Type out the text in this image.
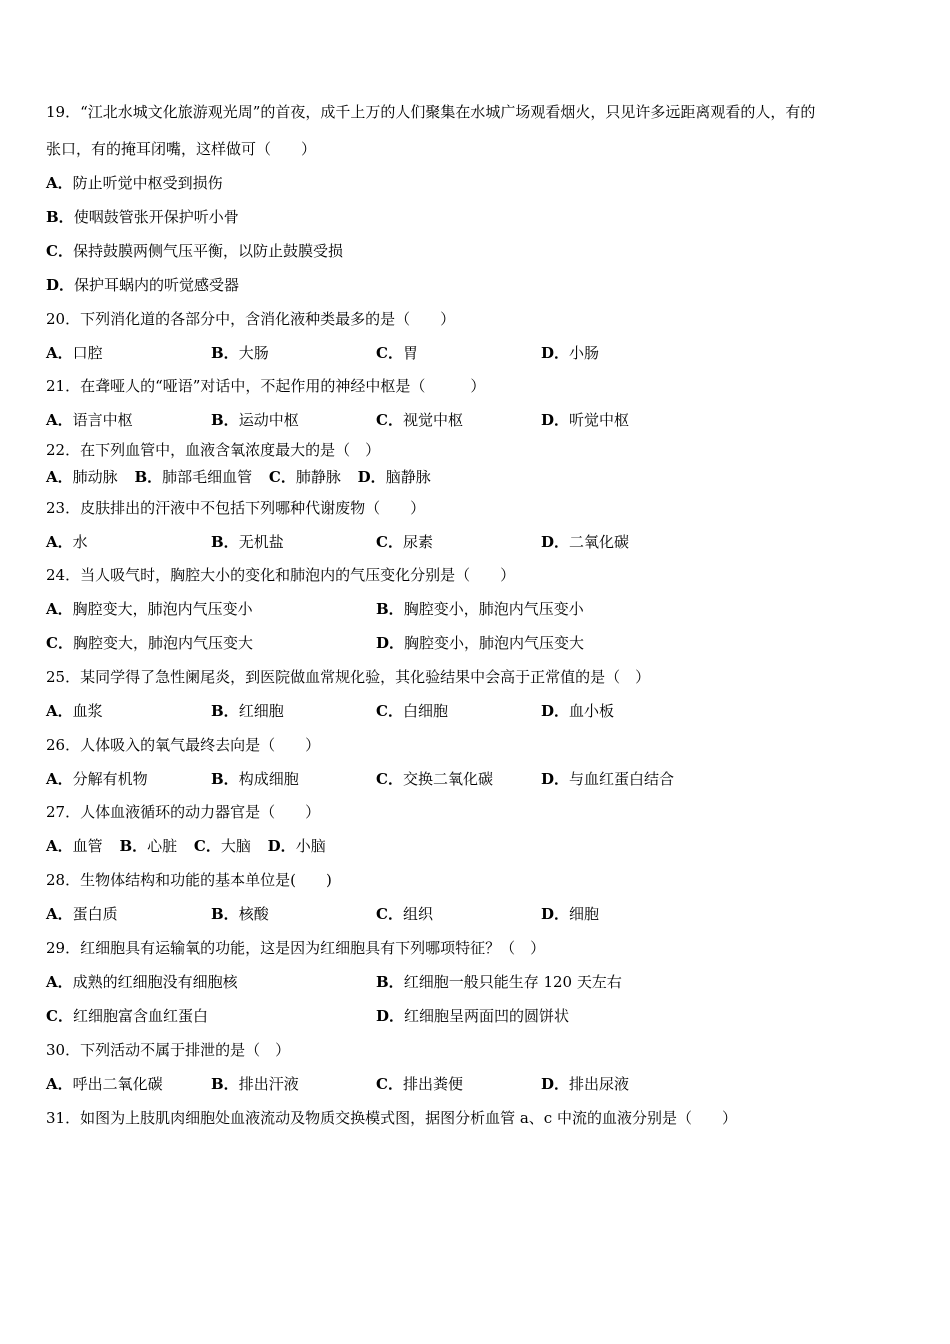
19．“江北水城文化旅游观光周”的首夜，成千上万的人们聚集在水城广场观看烟火，只见许多远距离观看的人，有的
张口，有的掩耳闭嘴，这样做可（　　）
A．防止听觉中枢受到损伤
B．使咽鼓管张开保护听小骨
C．保持鼓膜两侧气压平衡，以防止鼓膜受损
D．保护耳蜗内的听觉感受器
20．下列消化道的各部分中，含消化液种类最多的是（　　）
A．口腔	B．大肠	C．胃	D．小肠
21．在聋哑人的“哑语”对话中，不起作用的神经中枢是（　　　）
A．语言中枢	B．运动中枢	C．视觉中枢	D．听觉中枢
22．在下列血管中，血液含氧浓度最大的是（　）
A．肺动脉 B．肺部毛细血管 C．肺静脉 D．脑静脉
23．皮肤排出的汗液中不包括下列哪种代谢废物（　　）
A．水	B．无机盐	C．尿素	D．二氧化碳
24．当人吸气时，胸腔大小的变化和肺泡内的气压变化分别是（　　）
A．胸腔变大，肺泡内气压变小	B．胸腔变小，肺泡内气压变小
C．胸腔变大，肺泡内气压变大	D．胸腔变小，肺泡内气压变大
25．某同学得了急性阑尾炎，到医院做血常规化验，其化验结果中会高于正常值的是（　）
A．血浆	B．红细胞	C．白细胞	D．血小板
26．人体吸入的氧气最终去向是（　　）
A．分解有机物	B．构成细胞	C．交换二氧化碳	D．与血红蛋白结合
27．人体血液循环的动力器官是（　　）
A．血管 B．心脏 C．大脑 D．小脑
28．生物体结构和功能的基本单位是(　　)
A．蛋白质	B．核酸	C．组织	D．细胞
29．红细胞具有运输氧的功能，这是因为红细胞具有下列哪项特征？（　）
A．成熟的红细胞没有细胞核	B．红细胞一般只能生存 120 天左右
C．红细胞富含血红蛋白	D．红细胞呈两面凹的圆饼状
30．下列活动不属于排泄的是（　）
A．呼出二氧化碳	B．排出汗液	C．排出粪便	D．排出尿液
31．如图为上肢肌肉细胞处血液流动及物质交换模式图，据图分析血管 a、c 中流的血液分别是（　　）
